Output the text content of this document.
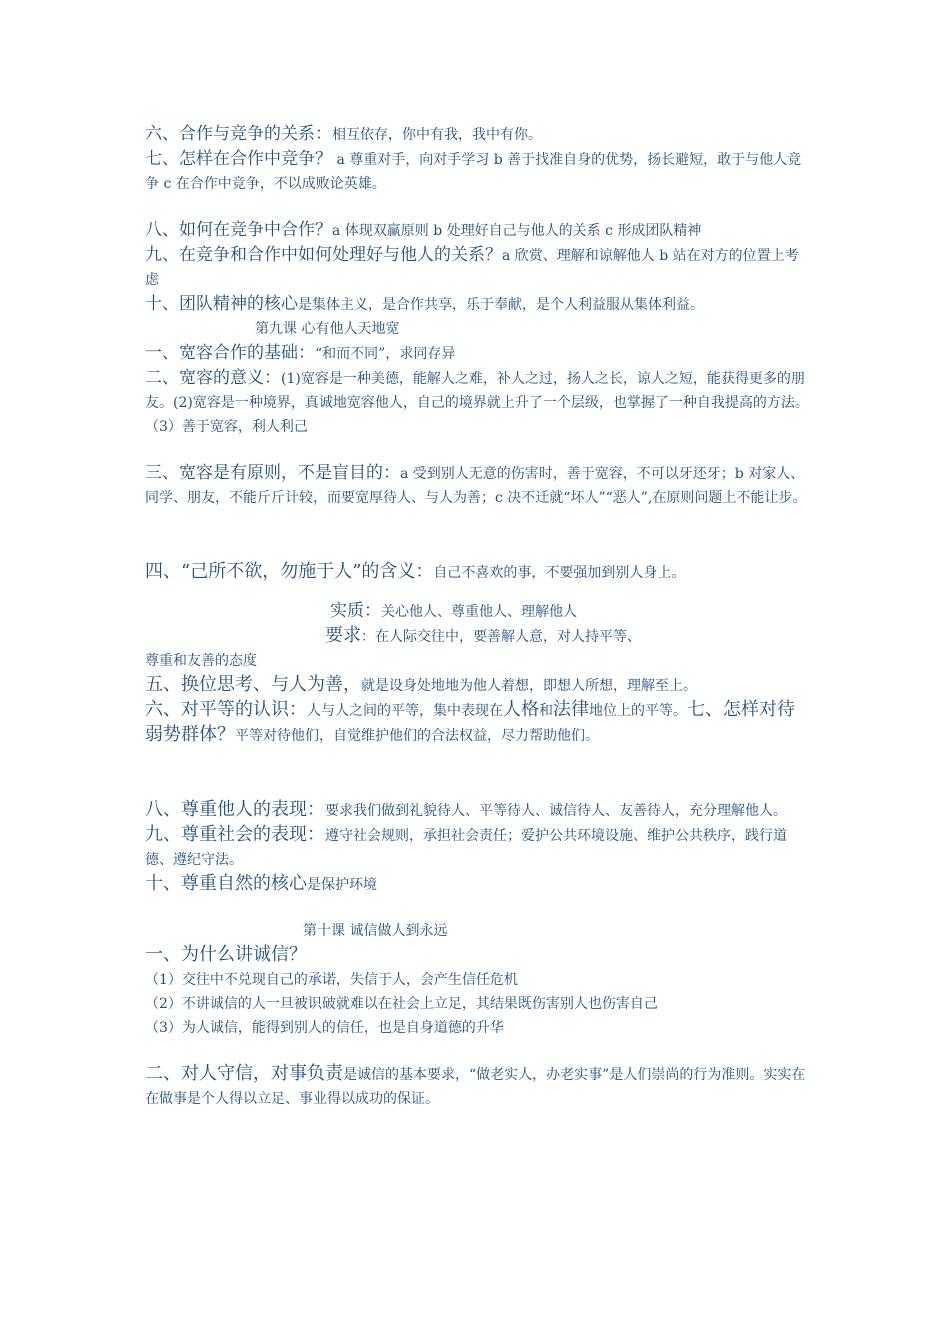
六、合作与竞争的关系：相互依存，你中有我，我中有你。
七、怎样在合作中竞争？ a 尊重对手，向对手学习 b 善于找准自身的优势，扬长避短，敢于与他人竞争 c 在合作中竞争，不以成败论英雄。
八、如何在竞争中合作？a 体现双赢原则 b 处理好自己与他人的关系 c 形成团队精神
九、在竞争和合作中如何处理好与他人的关系？a 欣赏、理解和谅解他人 b 站在对方的位置上考虑
十、团队精神的核心是集体主义，是合作共享，乐于奉献，是个人利益服从集体利益。
第九课 心有他人天地宽
一、宽容合作的基础：“和而不同”，求同存异
二、宽容的意义：(1)宽容是一种美德，能解人之难，补人之过，扬人之长，谅人之短，能获得更多的朋友。(2)宽容是一种境界，真诚地宽容他人，自己的境界就上升了一个层级，也掌握了一种自我提高的方法。（3）善于宽容，利人利己
三、宽容是有原则，不是盲目的：a 受到别人无意的伤害时，善于宽容，不可以牙还牙；b 对家人、同学、朋友，不能斤斤计较，而要宽厚待人、与人为善；c 决不迁就“坏人”“恶人”,在原则问题上不能让步。
四、“己所不欲，勿施于人”的含义：自己不喜欢的事，不要强加到别人身上。
实质：关心他人、尊重他人、理解他人
要求：在人际交往中，要善解人意，对人持平等、
尊重和友善的态度
五、换位思考、与人为善，就是设身处地地为他人着想，即想人所想，理解至上。
六、对平等的认识：人与人之间的平等，集中表现在人格和法律地位上的平等。七、怎样对待弱势群体？平等对待他们，自觉维护他们的合法权益，尽力帮助他们。
八、尊重他人的表现：要求我们做到礼貌待人、平等待人、诚信待人、友善待人，充分理解他人。
九、尊重社会的表现：遵守社会规则，承担社会责任；爱护公共环境设施、维护公共秩序，践行道德、遵纪守法。
十、尊重自然的核心是保护环境
第十课 诚信做人到永远
一、为什么讲诚信？
（1）交往中不兑现自己的承诺，失信于人，会产生信任危机
（2）不讲诚信的人一旦被识破就难以在社会上立足，其结果既伤害别人也伤害自己
（3）为人诚信，能得到别人的信任，也是自身道德的升华
二、对人守信，对事负责是诚信的基本要求，“做老实人，办老实事”是人们崇尚的行为准则。实实在在做事是个人得以立足、事业得以成功的保证。
